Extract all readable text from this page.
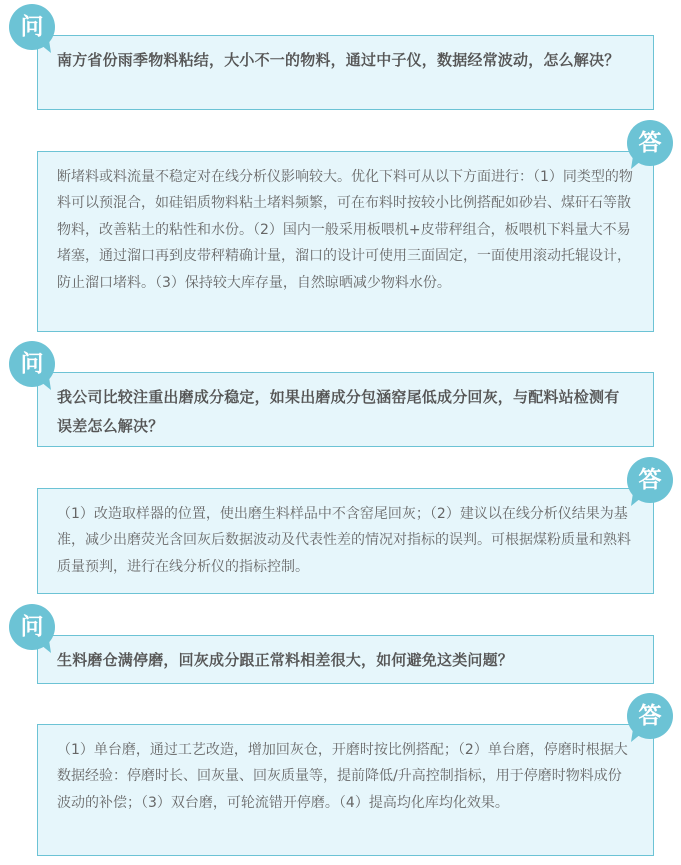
南方省份雨季物料粘结，大小不一的物料，通过中子仪，数据经常波动，怎么解决？

问

断堵料或料流量不稳定对在线分析仪影响较大。优化下料可从以下方面进行：（1）同类型的物料可以预混合，如硅铝质物料粘土堵料频繁，可在布料时按较小比例搭配如砂岩、煤矸石等散物料，改善粘土的粘性和水份。（2）国内一般采用板喂机+皮带秤组合，板喂机下料量大不易堵塞，通过溜口再到皮带秤精确计量，溜口的设计可使用三面固定，一面使用滚动托辊设计，防止溜口堵料。（3）保持较大库存量，自然晾晒减少物料水份。

答

我公司比较注重出磨成分稳定，如果出磨成分包涵窑尾低成分回灰，与配料站检测有误差怎么解决？

问

（1）改造取样器的位置，使出磨生料样品中不含窑尾回灰；（2）建议以在线分析仪结果为基准，减少出磨荧光含回灰后数据波动及代表性差的情况对指标的误判。可根据煤粉质量和熟料质量预判，进行在线分析仪的指标控制。

答

生料磨仓满停磨，回灰成分跟正常料相差很大，如何避免这类问题？

问

（1）单台磨，通过工艺改造，增加回灰仓，开磨时按比例搭配；（2）单台磨，停磨时根据大数据经验：停磨时长、回灰量、回灰质量等，提前降低/升高控制指标，用于停磨时物料成份波动的补偿；（3）双台磨，可轮流错开停磨。（4）提高均化库均化效果。

答
